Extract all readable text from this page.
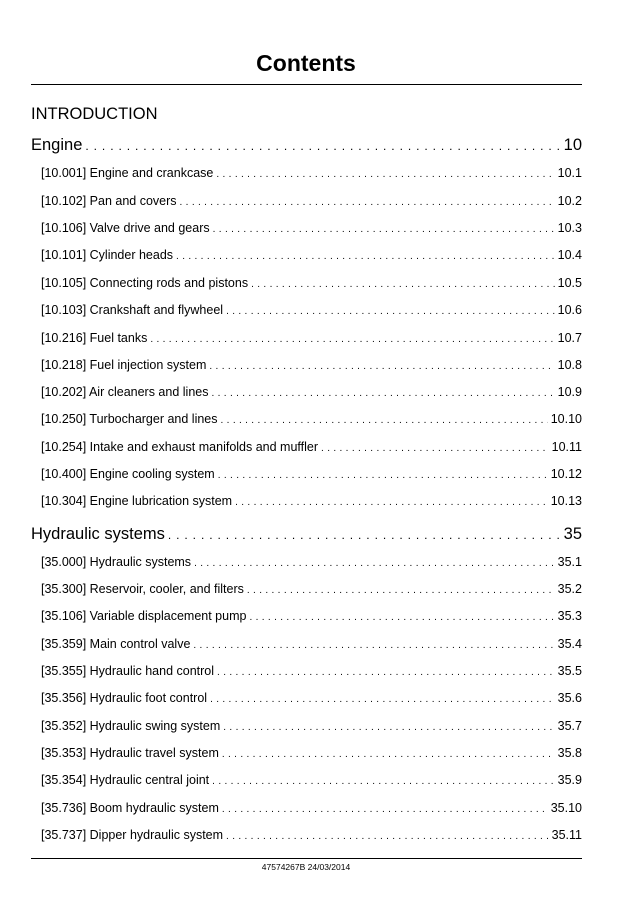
Contents
INTRODUCTION
Engine . . .	10
[10.001] Engine and crankcase . . .	10.1
[10.102] Pan and covers . . .	10.2
[10.106] Valve drive and gears . . .	10.3
[10.101] Cylinder heads . . .	10.4
[10.105] Connecting rods and pistons . . .	10.5
[10.103] Crankshaft and flywheel . . .	10.6
[10.216] Fuel tanks . . .	10.7
[10.218] Fuel injection system . . .	10.8
[10.202] Air cleaners and lines . . .	10.9
[10.250] Turbocharger and lines . . .	10.10
[10.254] Intake and exhaust manifolds and muffler . . .	10.11
[10.400] Engine cooling system . . .	10.12
[10.304] Engine lubrication system . . .	10.13
Hydraulic systems . . .	35
[35.000] Hydraulic systems . . .	35.1
[35.300] Reservoir, cooler, and filters . . .	35.2
[35.106] Variable displacement pump . . .	35.3
[35.359] Main control valve . . .	35.4
[35.355] Hydraulic hand control . . .	35.5
[35.356] Hydraulic foot control . . .	35.6
[35.352] Hydraulic swing system . . .	35.7
[35.353] Hydraulic travel system . . .	35.8
[35.354] Hydraulic central joint . . .	35.9
[35.736] Boom hydraulic system . . .	35.10
[35.737] Dipper hydraulic system . . .	35.11
47574267B 24/03/2014
